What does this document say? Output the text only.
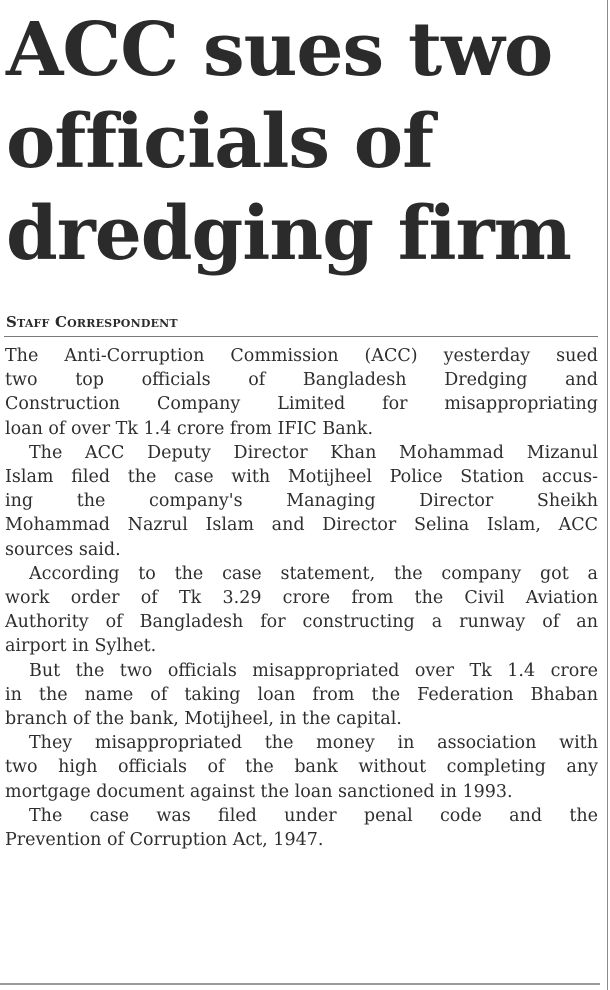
ACC sues two
officials of
dredging firm
Staff Correspondent
The Anti-Corruption Commission (ACC) yesterday sued
two top officials of Bangladesh Dredging and
Construction Company Limited for misappropriating
loan of over Tk 1.4 crore from IFIC Bank.
The ACC Deputy Director Khan Mohammad Mizanul
Islam filed the case with Motijheel Police Station accus-
ing the company's Managing Director Sheikh
Mohammad Nazrul Islam and Director Selina Islam, ACC
sources said.
According to the case statement, the company got a
work order of Tk 3.29 crore from the Civil Aviation
Authority of Bangladesh for constructing a runway of an
airport in Sylhet.
But the two officials misappropriated over Tk 1.4 crore
in the name of taking loan from the Federation Bhaban
branch of the bank, Motijheel, in the capital.
They misappropriated the money in association with
two high officials of the bank without completing any
mortgage document against the loan sanctioned in 1993.
The case was filed under penal code and the
Prevention of Corruption Act, 1947.
